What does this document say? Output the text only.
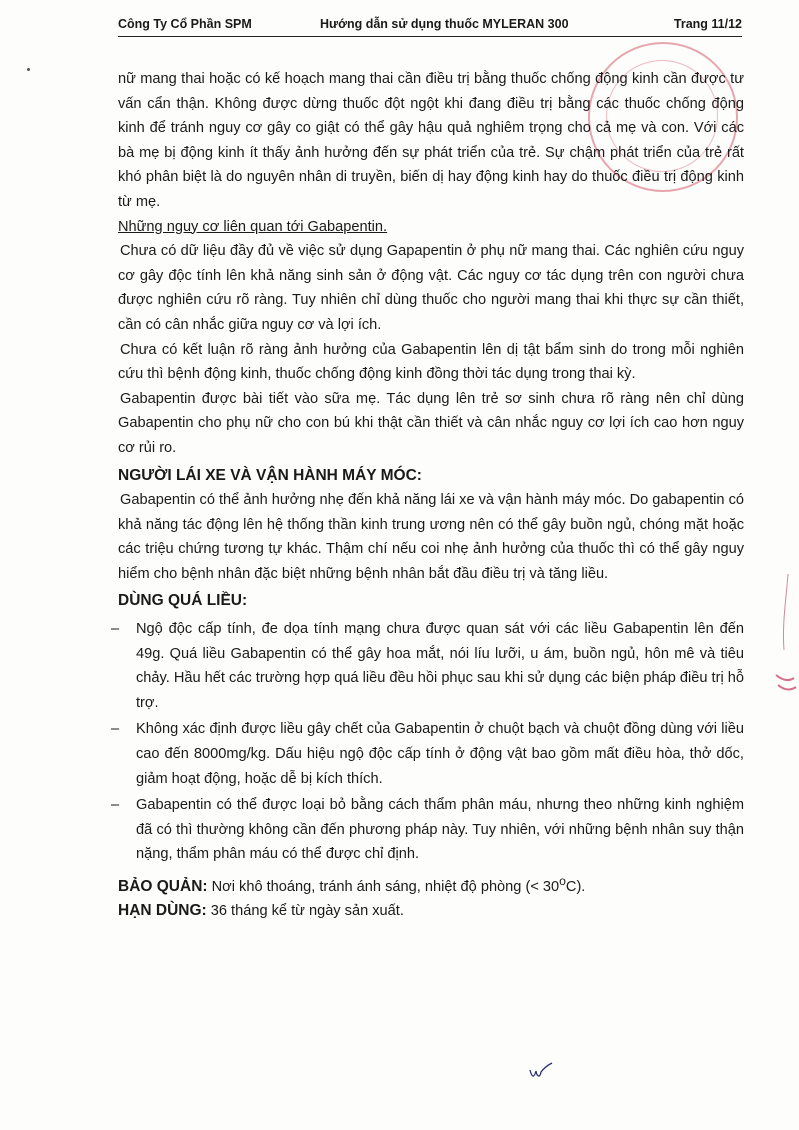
Công Ty Cổ Phần SPM	Hướng dẫn sử dụng thuốc MYLERAN 300	Trang 11/12

nữ mang thai hoặc có kế hoạch mang thai cần điều trị bằng thuốc chống động kinh cần được tư vấn cẩn thận. Không được dừng thuốc đột ngột khi đang điều trị bằng các thuốc chống động kinh để tránh nguy cơ gây co giật có thể gây hậu quả nghiêm trọng cho cả mẹ và con. Với các bà mẹ bị động kinh ít thấy ảnh hưởng đến sự phát triển của trẻ. Sự chậm phát triển của trẻ rất khó phân biệt là do nguyên nhân di truyền, biến dị hay động kinh hay do thuốc điều trị động kinh từ mẹ.

Những nguy cơ liên quan tới Gabapentin.

Chưa có dữ liệu đầy đủ về việc sử dụng Gapapentin ở phụ nữ mang thai. Các nghiên cứu nguy cơ gây độc tính lên khả năng sinh sản ở động vật. Các nguy cơ tác dụng trên con người chưa được nghiên cứu rõ ràng. Tuy nhiên chỉ dùng thuốc cho người mang thai khi thực sự cần thiết, cần có cân nhắc giữa nguy cơ và lợi ích.

Chưa có kết luận rõ ràng ảnh hưởng của Gabapentin lên dị tật bẩm sinh do trong mỗi nghiên cứu thì bệnh động kinh, thuốc chống động kinh đồng thời tác dụng trong thai kỳ.

Gabapentin được bài tiết vào sữa mẹ. Tác dụng lên trẻ sơ sinh chưa rõ ràng nên chỉ dùng Gabapentin cho phụ nữ cho con bú khi thật cần thiết và cân nhắc nguy cơ lợi ích cao hơn nguy cơ rủi ro.

NGƯỜI LÁI XE VÀ VẬN HÀNH MÁY MÓC:

Gabapentin có thể ảnh hưởng nhẹ đến khả năng lái xe và vận hành máy móc. Do gabapentin có khả năng tác động lên hệ thống thần kinh trung ương nên có thể gây buồn ngủ, chóng mặt hoặc các triệu chứng tương tự khác. Thậm chí nếu coi nhẹ ảnh hưởng của thuốc thì có thể gây nguy hiểm cho bệnh nhân đặc biệt những bệnh nhân bắt đầu điều trị và tăng liều.

DÙNG QUÁ LIỀU:

– Ngộ độc cấp tính, đe dọa tính mạng chưa được quan sát với các liều Gabapentin lên đến 49g. Quá liều Gabapentin có thể gây hoa mắt, nói líu lưỡi, u ám, buồn ngủ, hôn mê và tiêu chảy. Hầu hết các trường hợp quá liều đều hồi phục sau khi sử dụng các biện pháp điều trị hỗ trợ.
– Không xác định được liều gây chết của Gabapentin ở chuột bạch và chuột đồng dùng với liều cao đến 8000mg/kg. Dấu hiệu ngộ độc cấp tính ở động vật bao gồm mất điều hòa, thở dốc, giảm hoạt động, hoặc dễ bị kích thích.
– Gabapentin có thể được loại bỏ bằng cách thẩm phân máu, nhưng theo những kinh nghiệm đã có thì thường không cần đến phương pháp này. Tuy nhiên, với những bệnh nhân suy thận nặng, thẩm phân máu có thể được chỉ định.

BẢO QUẢN: Nơi khô thoáng, tránh ánh sáng, nhiệt độ phòng (< $30^oC$).

HẠN DÙNG: 36 tháng kể từ ngày sản xuất.
